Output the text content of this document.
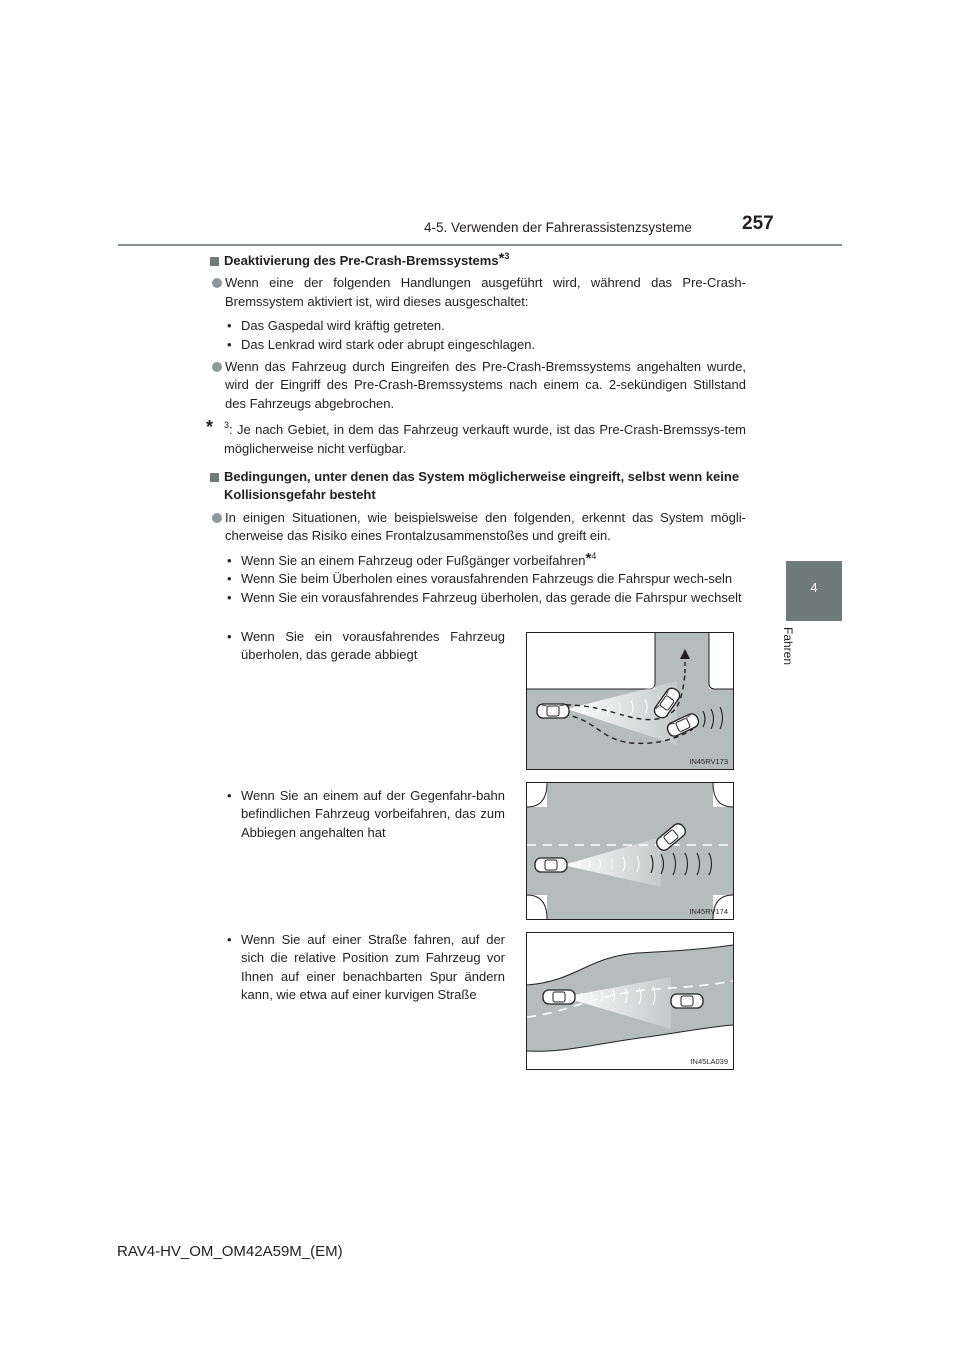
4-5. Verwenden der Fahrerassistenzsysteme	257
4
Fahren
Deaktivierung des Pre-Crash-Bremssystems*$^3$
Wenn eine der folgenden Handlungen ausgeführt wird, während das Pre-Crash-Bremssystem aktiviert ist, wird dieses ausgeschaltet:
• Das Gaspedal wird kräftig getreten.
• Das Lenkrad wird stark oder abrupt eingeschlagen.
Wenn das Fahrzeug durch Eingreifen des Pre-Crash-Bremssystems angehalten wurde, wird der Eingriff des Pre-Crash-Bremssystems nach einem ca. 2-sekündigen Stillstand des Fahrzeugs abgebrochen.
* $^3$: Je nach Gebiet, in dem das Fahrzeug verkauft wurde, ist das Pre-Crash-Bremssys-tem möglicherweise nicht verfügbar.
Bedingungen, unter denen das System möglicherweise eingreift, selbst wenn keine Kollisionsgefahr besteht
In einigen Situationen, wie beispielsweise den folgenden, erkennt das System mögli-cherweise das Risiko eines Frontalzusammenstoßes und greift ein.
• Wenn Sie an einem Fahrzeug oder Fußgänger vorbeifahren*$^4$
• Wenn Sie beim Überholen eines vorausfahrenden Fahrzeugs die Fahrspur wech-seln
• Wenn Sie ein vorausfahrendes Fahrzeug überholen, das gerade die Fahrspur wechselt
• Wenn Sie ein vorausfahrendes Fahrzeug überholen, das gerade abbiegt
IN45RV173
• Wenn Sie an einem auf der Gegenfahr-bahn befindlichen Fahrzeug vorbeifahren, das zum Abbiegen angehalten hat
IN45RV174
• Wenn Sie auf einer Straße fahren, auf der sich die relative Position zum Fahrzeug vor Ihnen auf einer benachbarten Spur ändern kann, wie etwa auf einer kurvigen Straße
IN45LA039
RAV4-HV_OM_OM42A59M_(EM)
